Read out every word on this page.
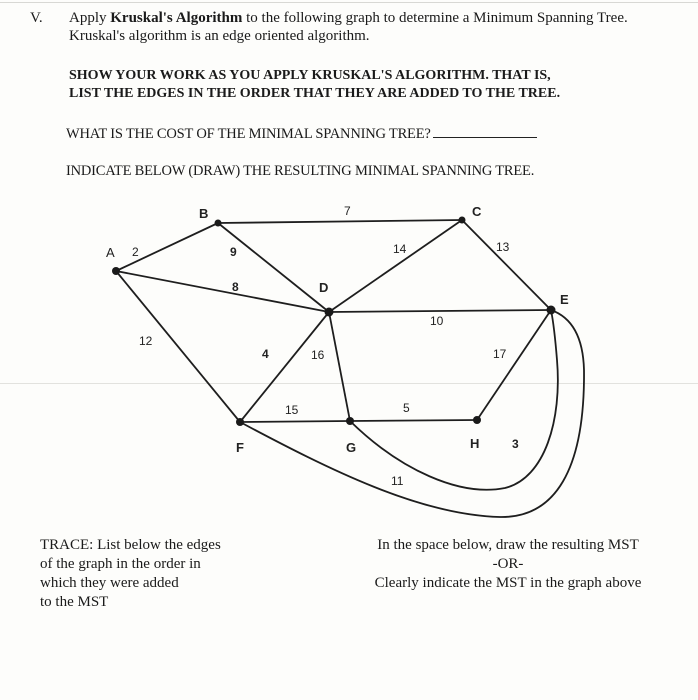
V. Apply Kruskal's Algorithm to the following graph to determine a Minimum Spanning Tree.
Kruskal's algorithm is an edge oriented algorithm.
SHOW YOUR WORK AS YOU APPLY KRUSKAL'S ALGORITHM. THAT IS,
LIST THE EDGES IN THE ORDER THAT THEY ARE ADDED TO THE TREE.
WHAT IS THE COST OF THE MINIMAL SPANNING TREE?
INDICATE BELOW (DRAW) THE RESULTING MINIMAL SPANNING TREE.
B	C
D
E
F	G	H
A 2
7
9
8
14	13
10
12
16
4
15	5
17
11
3
TRACE: List below the edges
of the graph in the order in
which they were added
to the MST
In the space below, draw the resulting MST
-OR-
Clearly indicate the MST in the graph above
